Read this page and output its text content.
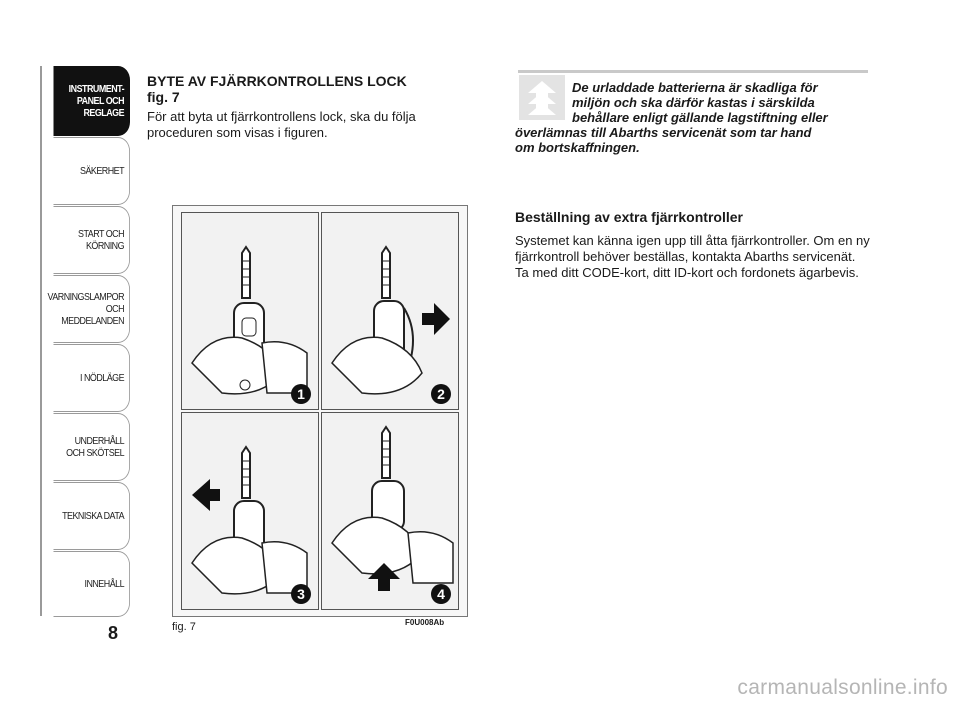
INSTRUMENT-
PANEL OCH
REGLAGE
SÄKERHET
START OCH
KÖRNING
VARNINGSLAMPOR
OCH
MEDDELANDEN
I NÖDLÄGE
UNDERHÅLL
OCH SKÖTSEL
TEKNISKA DATA
INNEHÅLL
8
BYTE AV FJÄRRKONTROLLENS LOCK
fig. 7
För att byta ut fjärrkontrollens lock, ska du följa proceduren som visas i figuren.
1	2
3	4
fig. 7	F0U008Ab
De urladdade batterierna är skadliga för
miljön och ska därför kastas i särskilda
behållare enligt gällande lagstiftning eller
överlämnas till Abarths servicenät som tar hand
om bortskaffningen.
Beställning av extra fjärrkontroller
Systemet kan känna igen upp till åtta fjärrkontroller. Om en ny fjärrkontroll behöver beställas, kontakta Abarths servicenät. Ta med ditt CODE-kort, ditt ID-kort och fordonets ägarbevis.
carmanualsonline.info
